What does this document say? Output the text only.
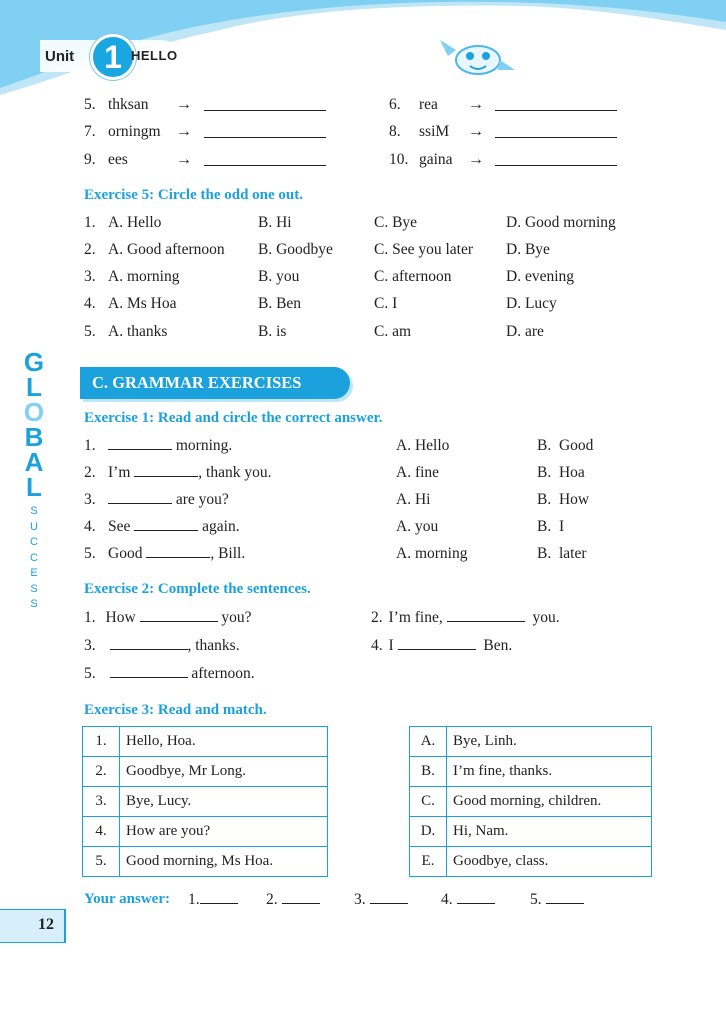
Unit 1 HELLO
5. thksan →	6. rea →
7. orningm →	8. ssiM →
9. ees	→	10. gaina →
Exercise 5: Circle the odd one out.
1. A. Hello	B. Hi	C. Bye	D. Good morning
2. A. Good afternoon B. Goodbye	C. See you later D. Bye
3. A. morning	B. you	C. afternoon	D. evening
4. A. Ms Hoa	B. Ben	C. I	D. Lucy
5. A. thanks	B. is	C. am	D. are
C. GRAMMAR EXERCISES
G
L
O
B
A
L
S
U
C
C
E
S
S
Exercise 1: Read and circle the correct answer.
1.	morning.	A. Hello	B.  Good
2. I’m	, thank you.	A. fine	B.  Hoa
3.	are you?	A. Hi	B.  How
4. See	again.	A. you	B.  I
5. Good	, Bill.	A. morning	B.  later
Exercise 2: Complete the sentences.
1. How	you?	2. I’m fine,	you.
3.	, thanks.	4. I	Ben.
5.	afternoon.
Exercise 3: Read and match.
1.	Hello, Hoa.
2.	Goodbye, Mr Long.
3.	Bye, Lucy.
4.	How are you?
5.	Good morning, Ms Hoa.
A.	Bye, Linh.
B.	I’m fine, thanks.
C.	Good morning, children.
D.	Hi, Nam.
E.	Goodbye, class.
Your answer: 1.	2.	3.	4.	5.
12
